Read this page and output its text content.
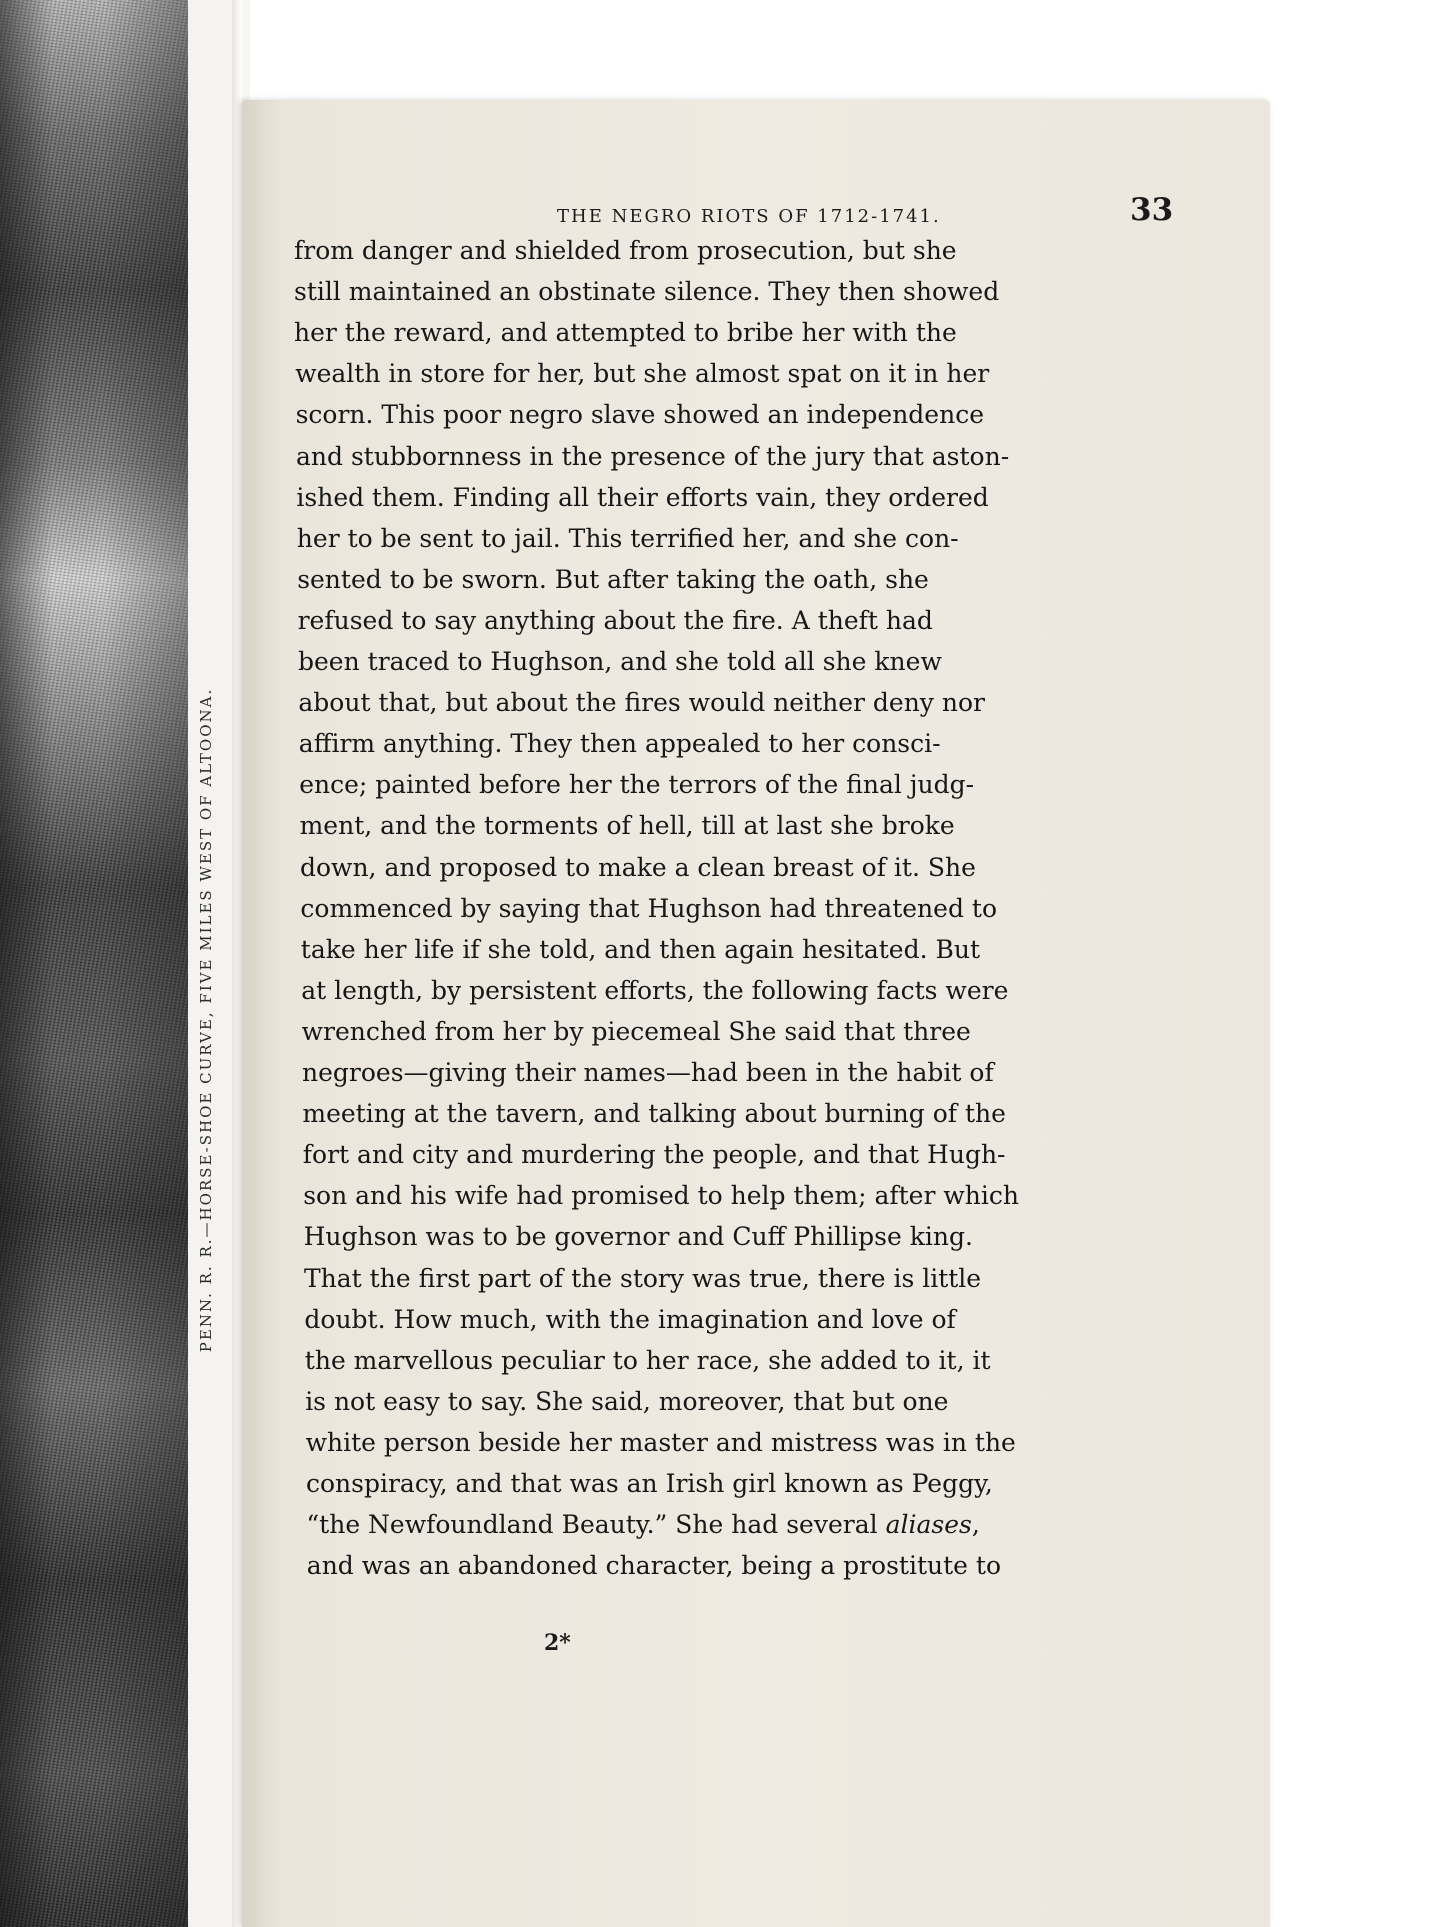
PENN. R. R.—HORSE-SHOE CURVE, FIVE MILES WEST OF ALTOONA.
THE NEGRO RIOTS OF 1712-1741.	33
from danger and shielded from prosecution, but she
still maintained an obstinate silence. They then showed
her the reward, and attempted to bribe her with the
wealth in store for her, but she almost spat on it in her
scorn. This poor negro slave showed an independence
and stubbornness in the presence of the jury that aston-
ished them. Finding all their efforts vain, they ordered
her to be sent to jail. This terrified her, and she con-
sented to be sworn. But after taking the oath, she
refused to say anything about the fire. A theft had
been traced to Hughson, and she told all she knew
about that, but about the fires would neither deny nor
affirm anything. They then appealed to her consci-
ence; painted before her the terrors of the final judg-
ment, and the torments of hell, till at last she broke
down, and proposed to make a clean breast of it. She
commenced by saying that Hughson had threatened to
take her life if she told, and then again hesitated. But
at length, by persistent efforts, the following facts were
wrenched from her by piecemeal She said that three
negroes—giving their names—had been in the habit of
meeting at the tavern, and talking about burning of the
fort and city and murdering the people, and that Hugh-
son and his wife had promised to help them; after which
Hughson was to be governor and Cuff Phillipse king.
That the first part of the story was true, there is little
doubt. How much, with the imagination and love of
the marvellous peculiar to her race, she added to it, it
is not easy to say. She said, moreover, that but one
white person beside her master and mistress was in the
conspiracy, and that was an Irish girl known as Peggy,
“the Newfoundland Beauty.” She had several aliases,
and was an abandoned character, being a prostitute to
2*
